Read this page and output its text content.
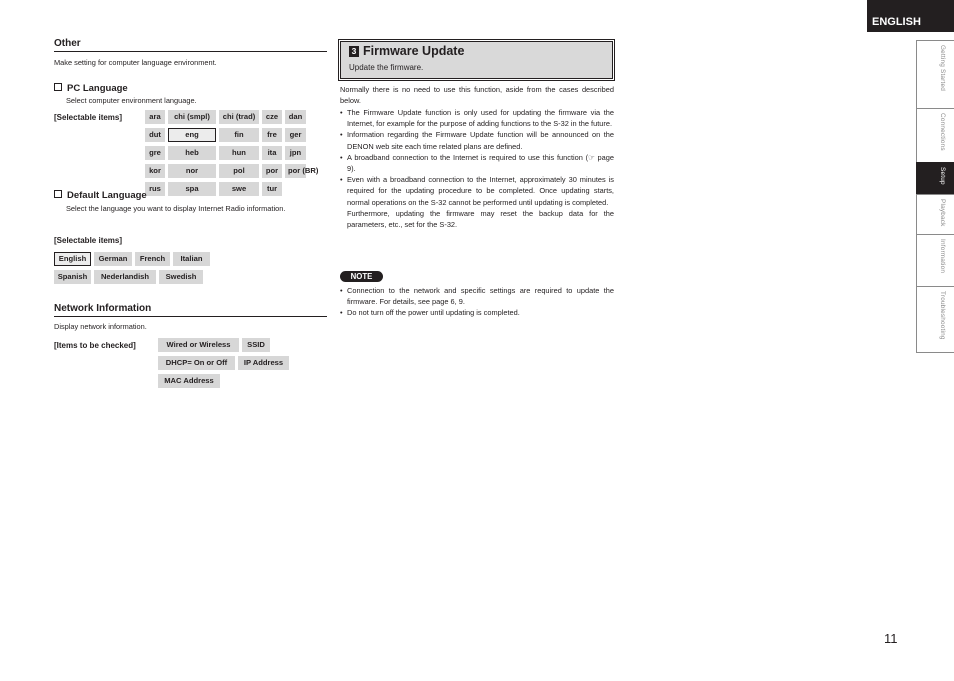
ENGLISH
Getting Started
Connections
Setup
Playback
Information
Troubleshooting
Other
Make setting for computer language environment.
PC Language
Select computer environment language.
[Selectable items]	ara	chi (smpl)	chi (trad)	cze	dan
dut	eng	fin	fre	ger
gre	heb	hun	ita	jpn
kor	nor	pol	por	por (BR)
rus	spa	swe	tur
Default Language
Select the language you want to display Internet Radio information.
[Selectable items]
English	German	French	Italian
Spanish	Nederlandish	Swedish
Network Information
Display network information.
[Items to be checked]	Wired or Wireless	SSID
DHCP= On or Off	IP Address
MAC Address
3 Firmware Update
Update the firmware.
Normally there is no need to use this function, aside from the cases described below.
• The Firmware Update function is only used for updating the firmware via the Internet, for example for the purpose of adding functions to the S-32 in the future.
• Information regarding the Firmware Update function will be announced on the DENON web site each time related plans are defined.
• A broadband connection to the Internet is required to use this function (☞ page 9).
• Even with a broadband connection to the Internet, approximately 30 minutes is required for the updating procedure to be completed. Once updating starts, normal operations on the S-32 cannot be performed until updating is completed.
Furthermore, updating the firmware may reset the backup data for the parameters, etc., set for the S-32.
NOTE
• Connection to the network and specific settings are required to update the firmware. For details, see page 6, 9.
• Do not turn off the power until updating is completed.
11
